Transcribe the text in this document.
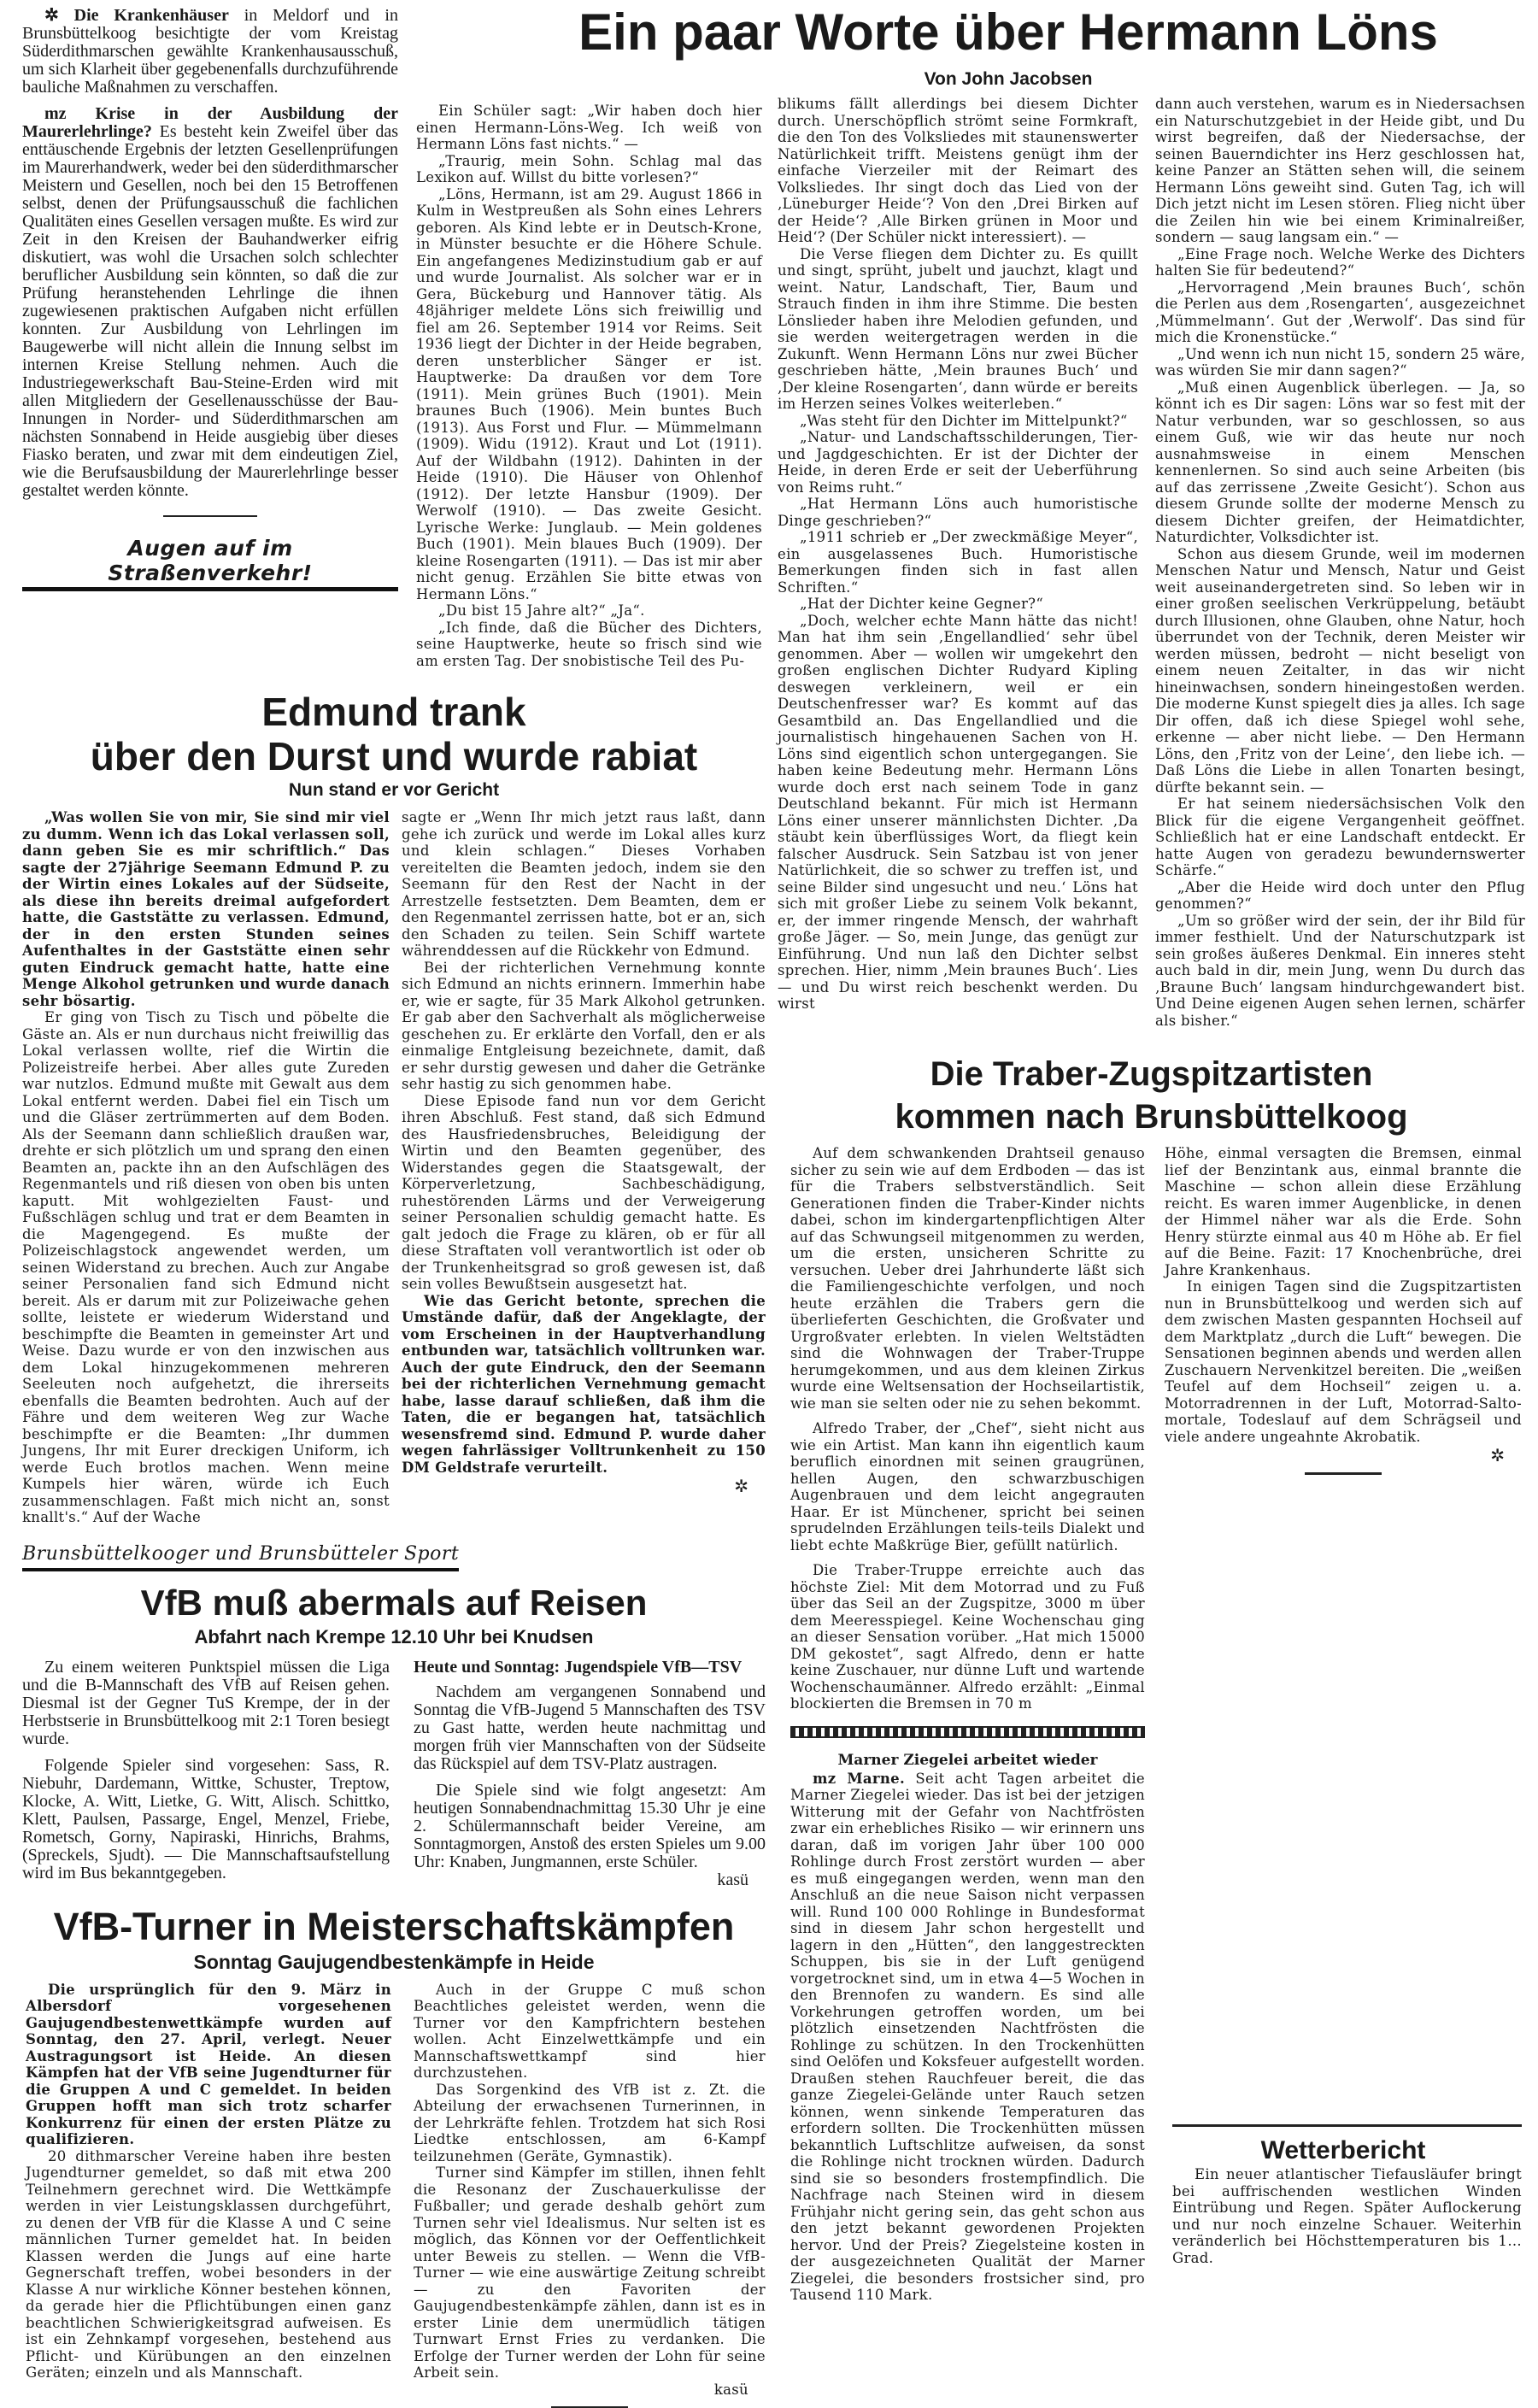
Ein paar Worte über Hermann Löns
Von John Jacobsen

✲ Die Krankenhäuser in Meldorf und in Brunsbüttelkoog besichtigte der vom Kreistag Süderdithmarschen gewählte Krankenhausausschuß, um sich Klarheit über gegebenenfalls durchzuführende bauliche Maßnahmen zu verschaffen.

mz Krise in der Ausbildung der Maurerlehrlinge? Es besteht kein Zweifel über das enttäuschende Ergebnis der letzten Gesellenprüfungen im Maurerhandwerk, weder bei den süderdithmarscher Meistern und Gesellen, noch bei den 15 Betroffenen selbst, denen der Prüfungsausschuß die fachlichen Qualitäten eines Gesellen versagen mußte. Es wird zur Zeit in den Kreisen der Bauhandwerker eifrig diskutiert, was wohl die Ursachen solch schlechter beruflicher Ausbildung sein könnten, so daß die zur Prüfung heranstehenden Lehrlinge die ihnen zugewiesenen praktischen Aufgaben nicht erfüllen konnten. Zur Ausbildung von Lehrlingen im Baugewerbe will nicht allein die Innung selbst im internen Kreise Stellung nehmen. Auch die Industriegewerkschaft Bau-Steine-Erden wird mit allen Mitgliedern der Gesellenausschüsse der Bau-Innungen in Norder- und Süderdithmarschen am nächsten Sonnabend in Heide ausgiebig über dieses Fiasko beraten, und zwar mit dem eindeutigen Ziel, wie die Berufsausbildung der Maurerlehrlinge besser gestaltet werden könnte.

Augen auf im Straßenverkehr!

Ein Schüler sagt: „Wir haben doch hier einen Hermann-Löns-Weg. Ich weiß von Hermann Löns fast nichts.“ —

„Traurig, mein Sohn. Schlag mal das Lexikon auf. Willst du bitte vorlesen?“

„Löns, Hermann, ist am 29. August 1866 in Kulm in Westpreußen als Sohn eines Lehrers geboren. Als Kind lebte er in Deutsch-Krone, in Münster besuchte er die Höhere Schule. Ein angefangenes Medizinstudium gab er auf und wurde Journalist. Als solcher war er in Gera, Bückeburg und Hannover tätig. Als 48jähriger meldete Löns sich freiwillig und fiel am 26. September 1914 vor Reims. Seit 1936 liegt der Dichter in der Heide begraben, deren unsterblicher Sänger er ist. Hauptwerke: Da draußen vor dem Tore (1911). Mein grünes Buch (1901). Mein braunes Buch (1906). Mein buntes Buch (1913). Aus Forst und Flur. — Mümmelmann (1909). Widu (1912). Kraut und Lot (1911). Auf der Wildbahn (1912). Dahinten in der Heide (1910). Die Häuser von Ohlenhof (1912). Der letzte Hansbur (1909). Der Werwolf (1910). — Das zweite Gesicht. Lyrische Werke: Junglaub. — Mein goldenes Buch (1901). Mein blaues Buch (1909). Der kleine Rosengarten (1911). — Das ist mir aber nicht genug. Erzählen Sie bitte etwas von Hermann Löns.“

„Du bist 15 Jahre alt?“ „Ja“.

„Ich finde, daß die Bücher des Dichters, seine Hauptwerke, heute so frisch sind wie am ersten Tag. Der snobistische Teil des Pu-

Edmund trank
über den Durst und wurde rabiat
Nun stand er vor Gericht

„Was wollen Sie von mir, Sie sind mir viel zu dumm. Wenn ich das Lokal verlassen soll, dann geben Sie es mir schriftlich.“ Das sagte der 27jährige Seemann Edmund P. zu der Wirtin eines Lokales auf der Südseite, als diese ihn bereits dreimal aufgefordert hatte, die Gaststätte zu verlassen. Edmund, der in den ersten Stunden seines Aufenthaltes in der Gaststätte einen sehr guten Eindruck gemacht hatte, hatte eine Menge Alkohol getrunken und wurde danach sehr bösartig.

Er ging von Tisch zu Tisch und pöbelte die Gäste an. Als er nun durchaus nicht freiwillig das Lokal verlassen wollte, rief die Wirtin die Polizeistreife herbei. Aber alles gute Zureden war nutzlos. Edmund mußte mit Gewalt aus dem Lokal entfernt werden. Dabei fiel ein Tisch um und die Gläser zertrümmerten auf dem Boden. Als der Seemann dann schließlich draußen war, drehte er sich plötzlich um und sprang den einen Beamten an, packte ihn an den Aufschlägen des Regenmantels und riß diesen von oben bis unten kaputt. Mit wohlgezielten Faust- und Fußschlägen schlug und trat er dem Beamten in die Magengegend. Es mußte der Polizeischlagstock angewendet werden, um seinen Widerstand zu brechen. Auch zur Angabe seiner Personalien fand sich Edmund nicht bereit. Als er darum mit zur Polizeiwache gehen sollte, leistete er wiederum Widerstand und beschimpfte die Beamten in gemeinster Art und Weise. Dazu wurde er von den inzwischen aus dem Lokal hinzugekommenen mehreren Seeleuten noch aufgehetzt, die ihrerseits ebenfalls die Beamten bedrohten. Auch auf der Fähre und dem weiteren Weg zur Wache beschimpfte er die Beamten: „Ihr dummen Jungens, Ihr mit Eurer dreckigen Uniform, ich werde Euch brotlos machen. Wenn meine Kumpels hier wären, würde ich Euch zusammenschlagen. Faßt mich nicht an, sonst knallt's.“ Auf der Wache

sagte er „Wenn Ihr mich jetzt raus laßt, dann gehe ich zurück und werde im Lokal alles kurz und klein schlagen.“ Dieses Vorhaben vereitelten die Beamten jedoch, indem sie den Seemann für den Rest der Nacht in der Arrestzelle festsetzten. Dem Beamten, dem er den Regenmantel zerrissen hatte, bot er an, sich den Schaden zu teilen. Sein Schiff wartete währenddessen auf die Rückkehr von Edmund.

Bei der richterlichen Vernehmung konnte sich Edmund an nichts erinnern. Immerhin habe er, wie er sagte, für 35 Mark Alkohol getrunken. Er gab aber den Sachverhalt als möglicherweise geschehen zu. Er erklärte den Vorfall, den er als einmalige Entgleisung bezeichnete, damit, daß er sehr durstig gewesen und daher die Getränke sehr hastig zu sich genommen habe.

Diese Episode fand nun vor dem Gericht ihren Abschluß. Fest stand, daß sich Edmund des Hausfriedensbruches, Beleidigung der Wirtin und den Beamten gegenüber, des Widerstandes gegen die Staatsgewalt, der Körperverletzung, Sachbeschädigung, ruhestörenden Lärms und der Verweigerung seiner Personalien schuldig gemacht hatte. Es galt jedoch die Frage zu klären, ob er für all diese Straftaten voll verantwortlich ist oder ob der Trunkenheitsgrad so groß gewesen ist, daß sein volles Bewußtsein ausgesetzt hat.

Wie das Gericht betonte, sprechen die Umstände dafür, daß der Angeklagte, der vom Erscheinen in der Hauptverhandlung entbunden war, tatsächlich volltrunken war. Auch der gute Eindruck, den der Seemann bei der richterlichen Vernehmung gemacht habe, lasse darauf schließen, daß ihm die Taten, die er begangen hat, tatsächlich wesensfremd sind. Edmund P. wurde daher wegen fahrlässiger Volltrunkenheit zu 150 DM Geldstrafe verurteilt.

✲
Brunsbüttelkooger und Brunsbütteler Sport
VfB muß abermals auf Reisen
Abfahrt nach Krempe 12.10 Uhr bei Knudsen

Zu einem weiteren Punktspiel müssen die Liga und die B-Mannschaft des VfB auf Reisen gehen. Diesmal ist der Gegner TuS Krempe, der in der Herbstserie in Brunsbüttelkoog mit 2:1 Toren besiegt wurde.

Folgende Spieler sind vorgesehen: Sass, R. Niebuhr, Dardemann, Wittke, Schuster, Treptow, Klocke, A. Witt, Lietke, G. Witt, Alisch. Schittko, Klett, Paulsen, Passarge, Engel, Menzel, Friebe, Rometsch, Gorny, Napiraski, Hinrichs, Brahms, (Spreckels, Sjudt). — Die Mannschaftsaufstellung wird im Bus bekanntgegeben.

Heute und Sonntag: Jugendspiele VfB—TSV

Nachdem am vergangenen Sonnabend und Sonntag die VfB-Jugend 5 Mannschaften des TSV zu Gast hatte, werden heute nachmittag und morgen früh vier Mannschaften von der Südseite das Rückspiel auf dem TSV-Platz austragen.

Die Spiele sind wie folgt angesetzt: Am heutigen Sonnabendnachmittag 15.30 Uhr je eine 2. Schülermannschaft beider Vereine, am Sonntagmorgen, Anstoß des ersten Spieles um 9.00 Uhr: Knaben, Jungmannen, erste Schüler.

kasü
VfB-Turner in Meisterschaftskämpfen
Sonntag Gaujugendbestenkämpfe in Heide

Die ursprünglich für den 9. März in Albersdorf vorgesehenen Gaujugendbestenwettkämpfe wurden auf Sonntag, den 27. April, verlegt. Neuer Austragungsort ist Heide. An diesen Kämpfen hat der VfB seine Jugendturner für die Gruppen A und C gemeldet. In beiden Gruppen hofft man sich trotz scharfer Konkurrenz für einen der ersten Plätze zu qualifizieren.

20 dithmarscher Vereine haben ihre besten Jugendturner gemeldet, so daß mit etwa 200 Teilnehmern gerechnet wird. Die Wettkämpfe werden in vier Leistungsklassen durchgeführt, zu denen der VfB für die Klasse A und C seine männlichen Turner gemeldet hat. In beiden Klassen werden die Jungs auf eine harte Gegnerschaft treffen, wobei besonders in der Klasse A nur wirkliche Könner bestehen können, da gerade hier die Pflichtübungen einen ganz beachtlichen Schwierigkeitsgrad aufweisen. Es ist ein Zehnkampf vorgesehen, bestehend aus Pflicht- und Kürübungen an den einzelnen Geräten; einzeln und als Mannschaft.

Auch in der Gruppe C muß schon Beachtliches geleistet werden, wenn die Turner vor den Kampfrichtern bestehen wollen. Acht Einzelwettkämpfe und ein Mannschaftswettkampf sind hier durchzustehen.

Das Sorgenkind des VfB ist z. Zt. die Abteilung der erwachsenen Turnerinnen, in der Lehrkräfte fehlen. Trotzdem hat sich Rosi Liedtke entschlossen, am 6-Kampf teilzunehmen (Geräte, Gymnastik).

Turner sind Kämpfer im stillen, ihnen fehlt die Resonanz der Zuschauerkulisse der Fußballer; und gerade deshalb gehört zum Turnen sehr viel Idealismus. Nur selten ist es möglich, das Können vor der Oeffentlichkeit unter Beweis zu stellen. — Wenn die VfB-Turner — wie eine auswärtige Zeitung schreibt — zu den Favoriten der Gaujugendbestenkämpfe zählen, dann ist es in erster Linie dem unermüdlich tätigen Turnwart Ernst Fries zu verdanken. Die Erfolge der Turner werden der Lohn für seine Arbeit sein.

kasü

blikums fällt allerdings bei diesem Dichter durch. Unerschöpflich strömt seine Formkraft, die den Ton des Volksliedes mit staunenswerter Natürlichkeit trifft. Meistens genügt ihm der einfache Vierzeiler mit der Reimart des Volksliedes. Ihr singt doch das Lied von der ‚Lüneburger Heide‘? Von den ‚Drei Birken auf der Heide‘? ‚Alle Birken grünen in Moor und Heid‘? (Der Schüler nickt interessiert). —

Die Verse fliegen dem Dichter zu. Es quillt und singt, sprüht, jubelt und jauchzt, klagt und weint. Natur, Landschaft, Tier, Baum und Strauch finden in ihm ihre Stimme. Die besten Lönslieder haben ihre Melodien gefunden, und sie werden weitergetragen werden in die Zukunft. Wenn Hermann Löns nur zwei Bücher geschrieben hätte, ‚Mein braunes Buch‘ und ‚Der kleine Rosengarten‘, dann würde er bereits im Herzen seines Volkes weiterleben.“

„Was steht für den Dichter im Mittelpunkt?“

„Natur- und Landschaftsschilderungen, Tier- und Jagdgeschichten. Er ist der Dichter der Heide, in deren Erde er seit der Ueberführung von Reims ruht.“

„Hat Hermann Löns auch humoristische Dinge geschrieben?“

„1911 schrieb er „Der zweckmäßige Meyer“, ein ausgelassenes Buch. Humoristische Bemerkungen finden sich in fast allen Schriften.“

„Hat der Dichter keine Gegner?“

„Doch, welcher echte Mann hätte das nicht! Man hat ihm sein ‚Engellandlied‘ sehr übel genommen. Aber — wollen wir umgekehrt den großen englischen Dichter Rudyard Kipling deswegen verkleinern, weil er ein Deutschenfresser war? Es kommt auf das Gesamtbild an. Das Engellandlied und die journalistisch hingehauenen Sachen von H. Löns sind eigentlich schon untergegangen. Sie haben keine Bedeutung mehr. Hermann Löns wurde doch erst nach seinem Tode in ganz Deutschland bekannt. Für mich ist Hermann Löns einer unserer männlichsten Dichter. ‚Da stäubt kein überflüssiges Wort, da fliegt kein falscher Ausdruck. Sein Satzbau ist von jener Natürlichkeit, die so schwer zu treffen ist, und seine Bilder sind ungesucht und neu.‘ Löns hat sich mit großer Liebe zu seinem Volk bekannt, er, der immer ringende Mensch, der wahrhaft große Jäger. — So, mein Junge, das genügt zur Einführung. Und nun laß den Dichter selbst sprechen. Hier, nimm ‚Mein braunes Buch‘. Lies — und Du wirst reich beschenkt werden. Du wirst

dann auch verstehen, warum es in Niedersachsen ein Naturschutzgebiet in der Heide gibt, und Du wirst begreifen, daß der Niedersachse, der seinen Bauerndichter ins Herz geschlossen hat, keine Panzer an Stätten sehen will, die seinem Hermann Löns geweiht sind. Guten Tag, ich will Dich jetzt nicht im Lesen stören. Flieg nicht über die Zeilen hin wie bei einem Kriminalreißer, sondern — saug langsam ein.“ —

„Eine Frage noch. Welche Werke des Dichters halten Sie für bedeutend?“

„Hervorragend ‚Mein braunes Buch‘, schön die Perlen aus dem ‚Rosengarten‘, ausgezeichnet ‚Mümmelmann‘. Gut der ‚Werwolf‘. Das sind für mich die Kronenstücke.“

„Und wenn ich nun nicht 15, sondern 25 wäre, was würden Sie mir dann sagen?“

„Muß einen Augenblick überlegen. — Ja, so könnt ich es Dir sagen: Löns war so fest mit der Natur verbunden, war so geschlossen, so aus einem Guß, wie wir das heute nur noch ausnahmsweise in einem Menschen kennenlernen. So sind auch seine Arbeiten (bis auf das zerrissene ‚Zweite Gesicht‘). Schon aus diesem Grunde sollte der moderne Mensch zu diesem Dichter greifen, der Heimatdichter, Naturdichter, Volksdichter ist.

Schon aus diesem Grunde, weil im modernen Menschen Natur und Mensch, Natur und Geist weit auseinandergetreten sind. So leben wir in einer großen seelischen Verkrüppelung, betäubt durch Illusionen, ohne Glauben, ohne Natur, hoch überrundet von der Technik, deren Meister wir werden müssen, bedroht — nicht beseligt von einem neuen Zeitalter, in das wir nicht hineinwachsen, sondern hineingestoßen werden. Die moderne Kunst spiegelt dies ja alles. Ich sage Dir offen, daß ich diese Spiegel wohl sehe, erkenne — aber nicht liebe. — Den Hermann Löns, den ‚Fritz von der Leine‘, den liebe ich. — Daß Löns die Liebe in allen Tonarten besingt, dürfte bekannt sein. —

Er hat seinem niedersächsischen Volk den Blick für die eigene Vergangenheit geöffnet. Schließlich hat er eine Landschaft entdeckt. Er hatte Augen von geradezu bewundernswerter Schärfe.“

„Aber die Heide wird doch unter den Pflug genommen?“

„Um so größer wird der sein, der ihr Bild für immer festhielt. Und der Naturschutzpark ist sein großes äußeres Denkmal. Ein inneres steht auch bald in dir, mein Jung, wenn Du durch das ‚Braune Buch‘ langsam hindurchgewandert bist. Und Deine eigenen Augen sehen lernen, schärfer als bisher.“

Die Traber-Zugspitzartisten
kommen nach Brunsbüttelkoog

Auf dem schwankenden Drahtseil genauso sicher zu sein wie auf dem Erdboden — das ist für die Trabers selbstverständlich. Seit Generationen finden die Traber-Kinder nichts dabei, schon im kindergartenpflichtigen Alter auf das Schwungseil mitgenommen zu werden, um die ersten, unsicheren Schritte zu versuchen. Ueber drei Jahrhunderte läßt sich die Familiengeschichte verfolgen, und noch heute erzählen die Trabers gern die überlieferten Geschichten, die Großvater und Urgroßvater erlebten. In vielen Weltstädten sind die Wohnwagen der Traber-Truppe herumgekommen, und aus dem kleinen Zirkus wurde eine Weltsensation der Hochseilartistik, wie man sie selten oder nie zu sehen bekommt.

Alfredo Traber, der „Chef“, sieht nicht aus wie ein Artist. Man kann ihn eigentlich kaum beruflich einordnen mit seinen graugrünen, hellen Augen, den schwarzbuschigen Augenbrauen und dem leicht angegrauten Haar. Er ist Münchener, spricht bei seinen sprudelnden Erzählungen teils-teils Dialekt und liebt echte Maßkrüge Bier, gefüllt natürlich.

Die Traber-Truppe erreichte auch das höchste Ziel: Mit dem Motorrad und zu Fuß über das Seil an der Zugspitze, 3000 m über dem Meeresspiegel. Keine Wochenschau ging an dieser Sensation vorüber. „Hat mich 15000 DM gekostet“, sagt Alfredo, denn er hatte keine Zuschauer, nur dünne Luft und wartende Wochenschaumänner. Alfredo erzählt: „Einmal blockierten die Bremsen in 70 m

Marner Ziegelei arbeitet wieder

mz Marne. Seit acht Tagen arbeitet die Marner Ziegelei wieder. Das ist bei der jetzigen Witterung mit der Gefahr von Nachtfrösten zwar ein erhebliches Risiko — wir erinnern uns daran, daß im vorigen Jahr über 100 000 Rohlinge durch Frost zerstört wurden — aber es muß eingegangen werden, wenn man den Anschluß an die neue Saison nicht verpassen will. Rund 100 000 Rohlinge in Bundesformat sind in diesem Jahr schon hergestellt und lagern in den „Hütten“, den langgestreckten Schuppen, bis sie in der Luft genügend vorgetrocknet sind, um in etwa 4—5 Wochen in den Brennofen zu wandern. Es sind alle Vorkehrungen getroffen worden, um bei plötzlich einsetzenden Nachtfrösten die Rohlinge zu schützen. In den Trockenhütten sind Oelöfen und Koksfeuer aufgestellt worden. Draußen stehen Rauchfeuer bereit, die das ganze Ziegelei-Gelände unter Rauch setzen können, wenn sinkende Temperaturen das erfordern sollten. Die Trockenhütten müssen bekanntlich Luftschlitze aufweisen, da sonst die Rohlinge nicht trocknen würden. Dadurch sind sie so besonders frostempfindlich. Die Nachfrage nach Steinen wird in diesem Frühjahr nicht gering sein, das geht schon aus den jetzt bekannt gewordenen Projekten hervor. Und der Preis? Ziegelsteine kosten in der ausgezeichneten Qualität der Marner Ziegelei, die besonders frostsicher sind, pro Tausend 110 Mark.

Höhe, einmal versagten die Bremsen, einmal lief der Benzintank aus, einmal brannte die Maschine — schon allein diese Erzählung reicht. Es waren immer Augenblicke, in denen der Himmel näher war als die Erde. Sohn Henry stürzte einmal aus 40 m Höhe ab. Er fiel auf die Beine. Fazit: 17 Knochenbrüche, drei Jahre Krankenhaus.

In einigen Tagen sind die Zugspitzartisten nun in Brunsbüttelkoog und werden sich auf dem zwischen Masten gespannten Hochseil auf dem Marktplatz „durch die Luft“ bewegen. Die Sensationen beginnen abends und werden allen Zuschauern Nervenkitzel bereiten. Die „weißen Teufel auf dem Hochseil“ zeigen u. a. Motorradrennen in der Luft, Motorrad-Salto-mortale, Todeslauf auf dem Schrägseil und viele andere ungeahnte Akrobatik.

✲
Wetterbericht

Ein neuer atlantischer Tiefausläufer bringt bei auffrischenden westlichen Winden Eintrübung und Regen. Später Auflockerung und nur noch einzelne Schauer. Weiterhin veränderlich bei Höchsttemperaturen bis 1… Grad.
